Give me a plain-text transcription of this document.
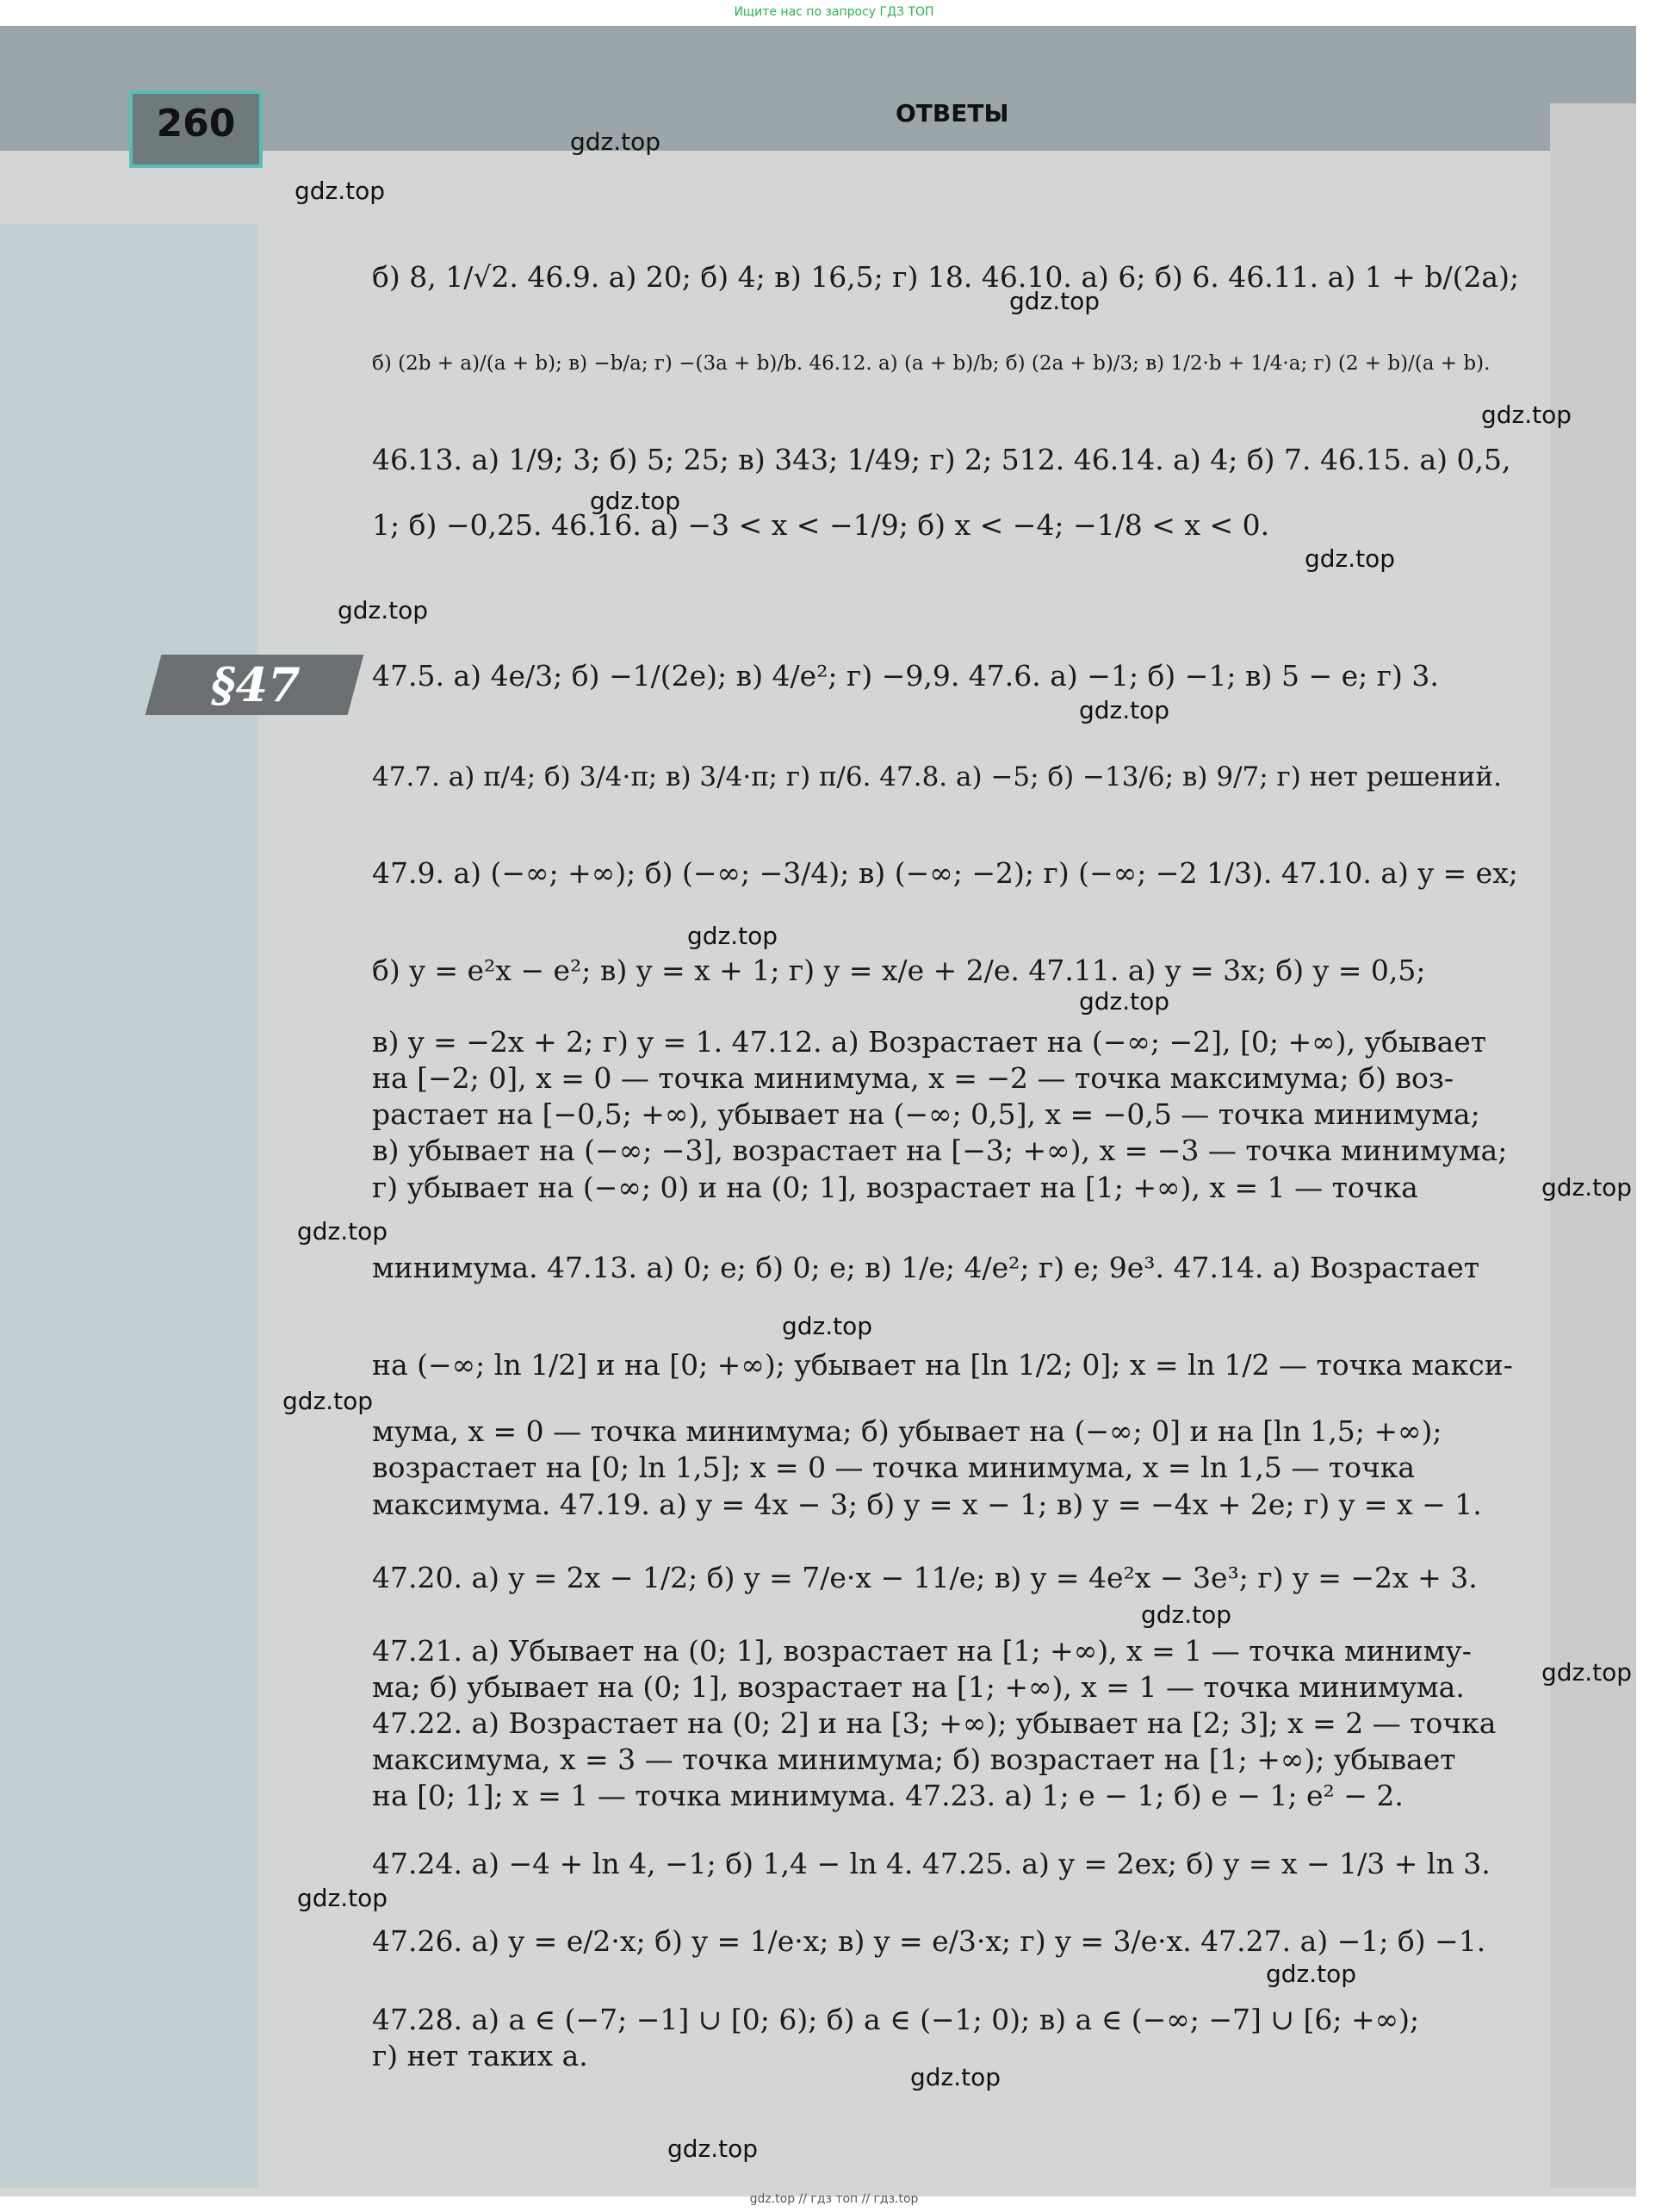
Ищите нас по запросу ГДЗ ТОП
260	ОТВЕТЫ
§47
б) 8, 1/√2. 46.9. а) 20; б) 4; в) 16,5; г) 18. 46.10. а) 6; б) 6. 46.11. а) 1 + b/(2a);
б) (2b + a)/(a + b); в) −b/a; г) −(3a + b)/b. 46.12. а) (a + b)/b; б) (2a + b)/3; в) 1/2·b + 1/4·a; г) (2 + b)/(a + b).
46.13. а) 1/9; 3; б) 5; 25; в) 343; 1/49; г) 2; 512. 46.14. а) 4; б) 7. 46.15. а) 0,5,
1; б) −0,25. 46.16. а) −3 < x < −1/9; б) x < −4; −1/8 < x < 0.
47.5. а) 4e/3; б) −1/(2e); в) 4/e²; г) −9,9. 47.6. а) −1; б) −1; в) 5 − e; г) 3.
47.7. а) π/4; б) 3/4·π; в) 3/4·π; г) π/6. 47.8. а) −5; б) −13/6; в) 9/7; г) нет решений.
47.9. а) (−∞; +∞); б) (−∞; −3/4); в) (−∞; −2); г) (−∞; −2 1/3). 47.10. а) y = ex;
б) y = e²x − e²; в) y = x + 1; г) y = x/e + 2/e. 47.11. а) y = 3x; б) y = 0,5;
в) y = −2x + 2; г) y = 1. 47.12. а) Возрастает на (−∞; −2], [0; +∞), убывает
на [−2; 0], x = 0 — точка минимума, x = −2 — точка максимума; б) воз-
растает на [−0,5; +∞), убывает на (−∞; 0,5], x = −0,5 — точка минимума;
в) убывает на (−∞; −3], возрастает на [−3; +∞), x = −3 — точка минимума;
г) убывает на (−∞; 0) и на (0; 1], возрастает на [1; +∞), x = 1 — точка
минимума. 47.13. а) 0; e; б) 0; e; в) 1/e; 4/e²; г) e; 9e³. 47.14. а) Возрастает
на (−∞; ln 1/2] и на [0; +∞); убывает на [ln 1/2; 0]; x = ln 1/2 — точка макси-
мума, x = 0 — точка минимума; б) убывает на (−∞; 0] и на [ln 1,5; +∞);
возрастает на [0; ln 1,5]; x = 0 — точка минимума, x = ln 1,5 — точка
максимума. 47.19. а) y = 4x − 3; б) y = x − 1; в) y = −4x + 2e; г) y = x − 1.
47.20. а) y = 2x − 1/2; б) y = 7/e·x − 11/e; в) y = 4e²x − 3e³; г) y = −2x + 3.
47.21. а) Убывает на (0; 1], возрастает на [1; +∞), x = 1 — точка миниму-
ма; б) убывает на (0; 1], возрастает на [1; +∞), x = 1 — точка минимума.
47.22. а) Возрастает на (0; 2] и на [3; +∞); убывает на [2; 3]; x = 2 — точка
максимума, x = 3 — точка минимума; б) возрастает на [1; +∞); убывает
на [0; 1]; x = 1 — точка минимума. 47.23. а) 1; e − 1; б) e − 1; e² − 2.
47.24. а) −4 + ln 4, −1; б) 1,4 − ln 4. 47.25. а) y = 2ex; б) y = x − 1/3 + ln 3.
47.26. а) y = e/2·x; б) y = 1/e·x; в) y = e/3·x; г) y = 3/e·x. 47.27. а) −1; б) −1.
47.28. а) a ∈ (−7; −1] ∪ [0; 6); б) a ∈ (−1; 0); в) a ∈ (−∞; −7] ∪ [6; +∞);
г) нет таких a.
gdz.top
gdz.top
gdz.top
gdz.top
gdz.top
gdz.top
gdz.top
gdz.top
gdz.top
gdz.top
gdz.top
gdz.top
gdz.top
gdz.top
gdz.top
gdz.top
gdz.top
gdz.top
gdz.top
gdz.top
gdz.top // гдз топ // гдз.top
